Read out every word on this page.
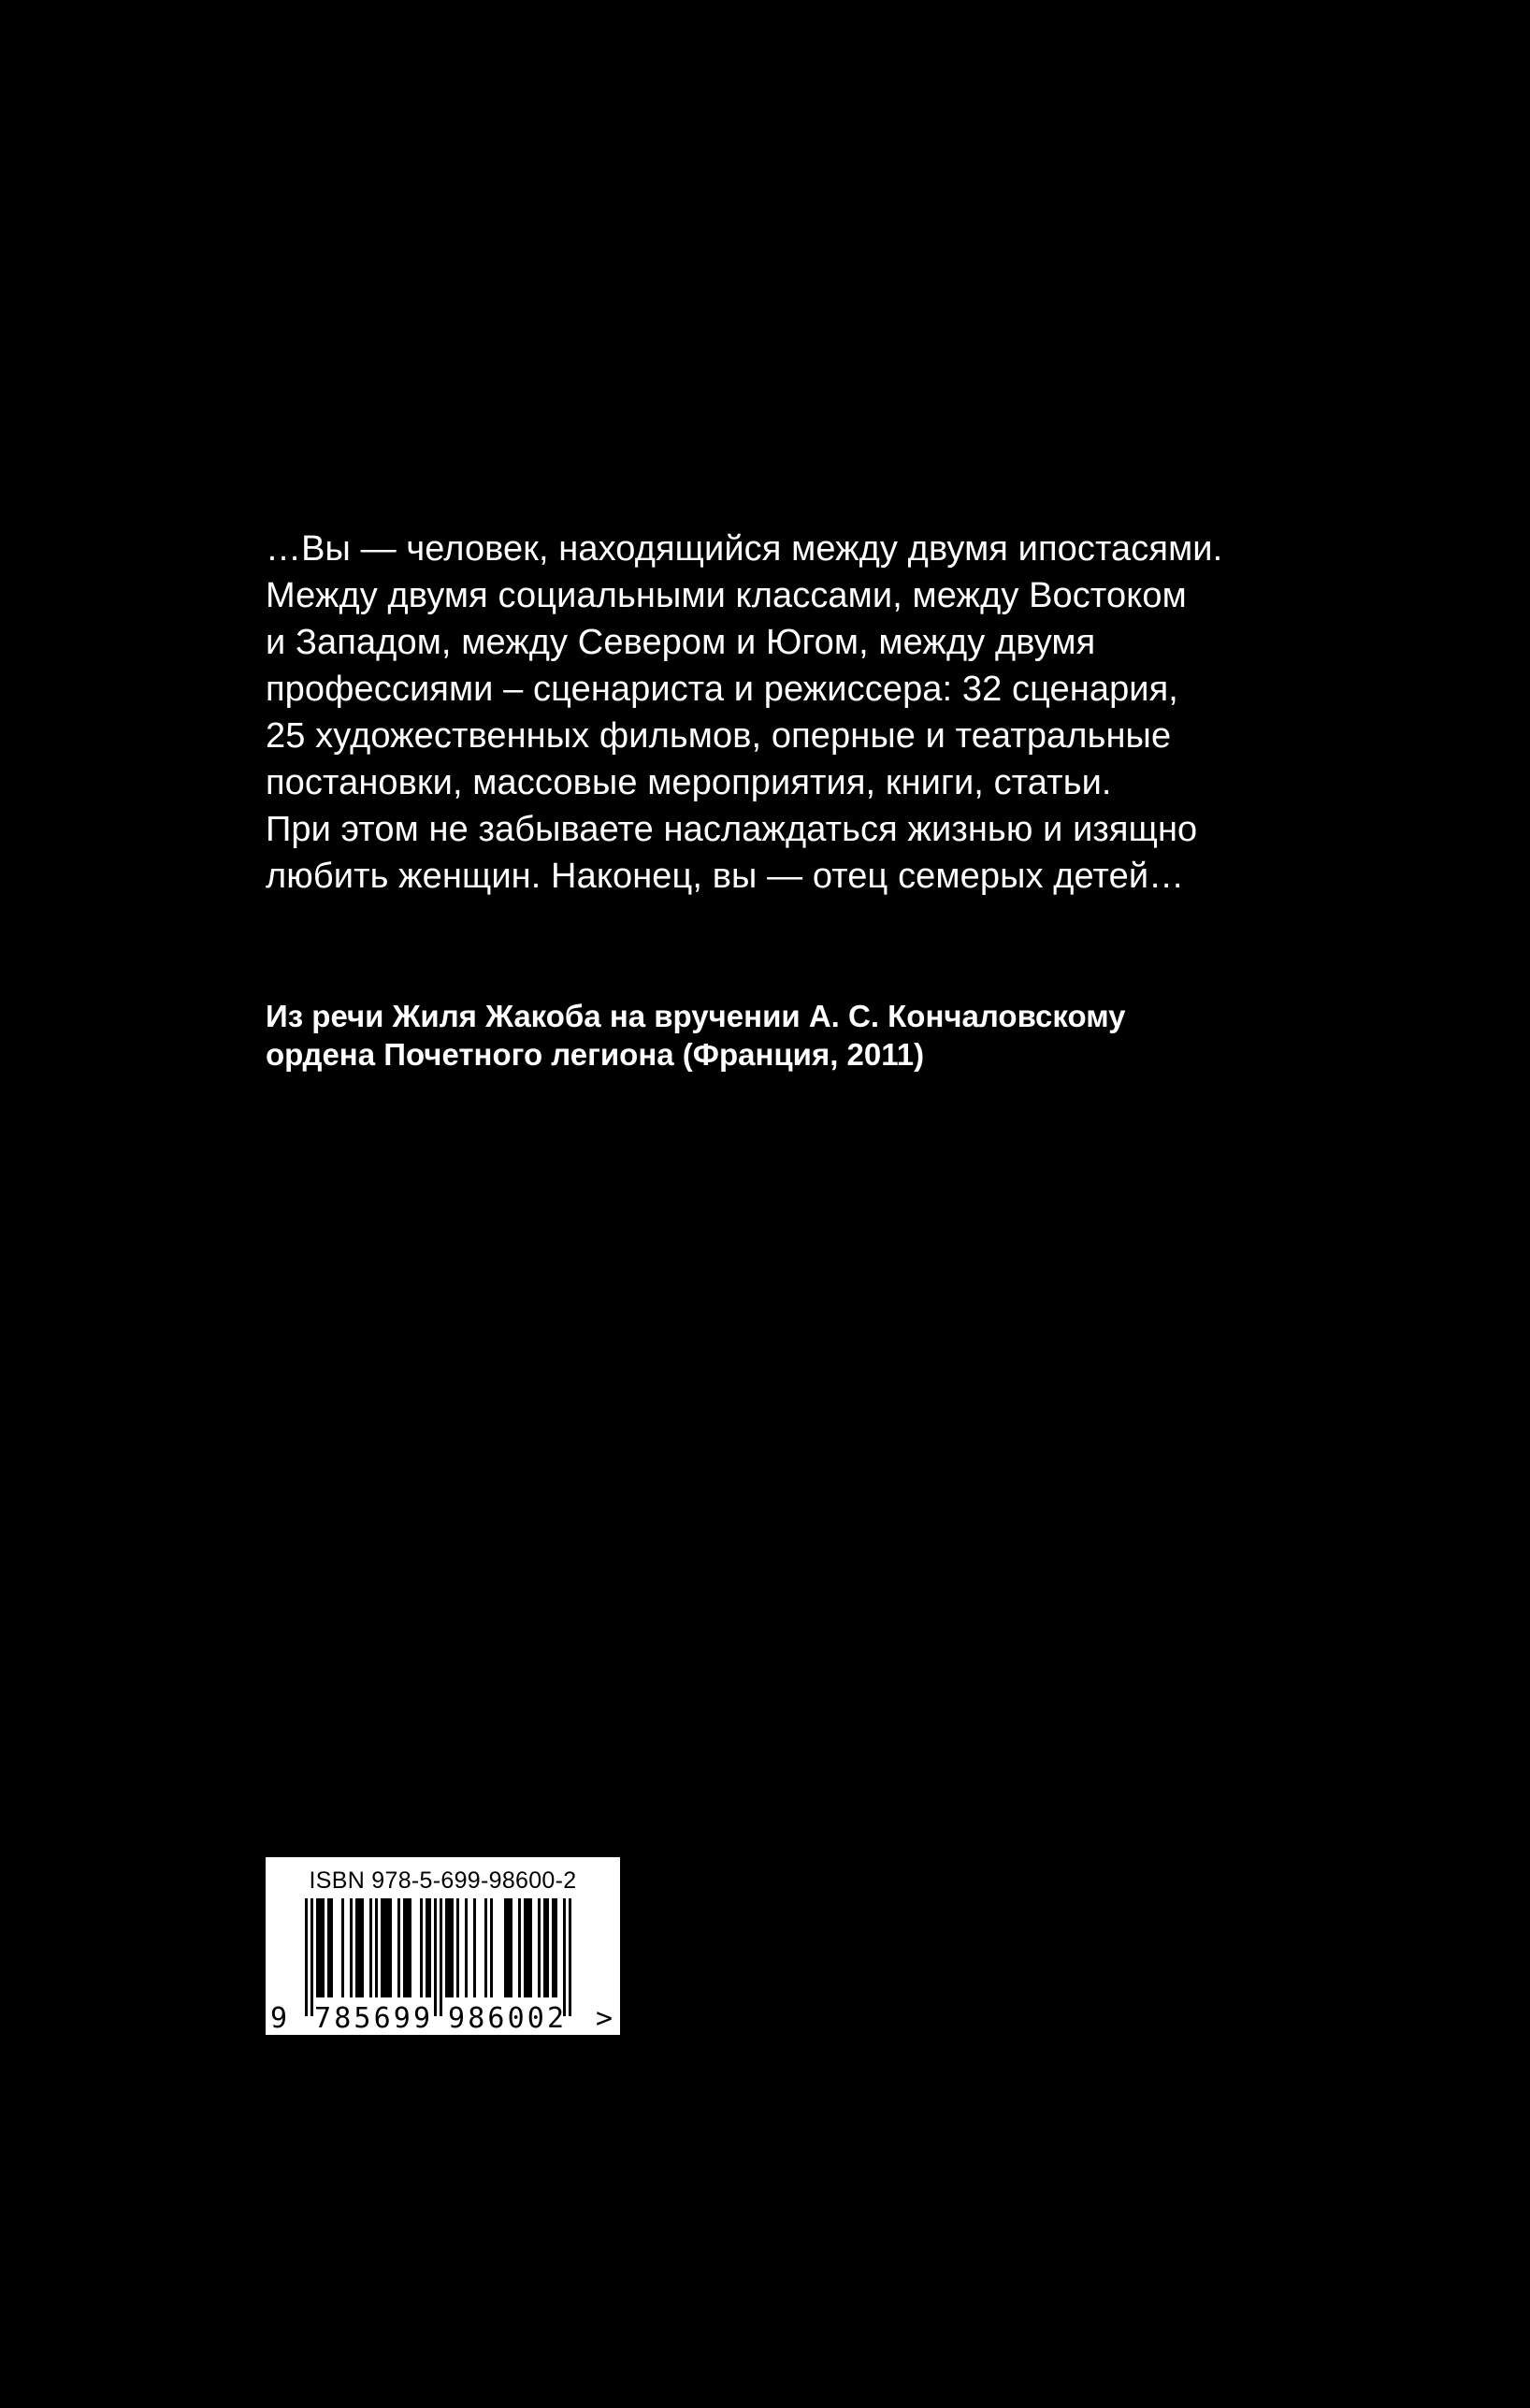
…Вы — человек, находящийся между двумя ипостасями.
Между двумя социальными классами, между Востоком
и Западом, между Севером и Югом, между двумя
профессиями – сценариста и режиссера: 32 сценария,
25 художественных фильмов, оперные и театральные
постановки, массовые мероприятия, книги, статьи.
При этом не забываете наслаждаться жизнью и изящно
любить женщин. Наконец, вы — отец семерых детей…
Из речи Жиля Жакоба на вручении А. С. Кончаловскому
ордена Почетного легиона (Франция, 2011)
ISBN 978-5-699-98600-2
9 785699 986002 >
